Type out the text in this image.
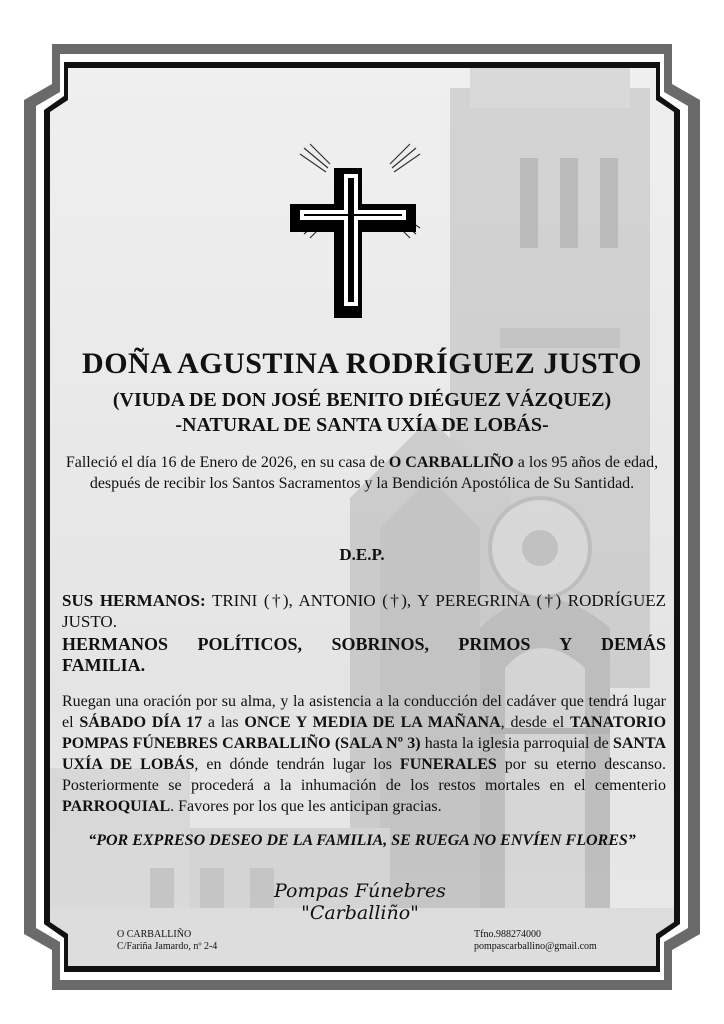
DOÑA AGUSTINA RODRÍGUEZ JUSTO
(VIUDA DE DON JOSÉ BENITO DIÉGUEZ VÁZQUEZ)
-NATURAL DE SANTA UXÍA DE LOBÁS-

Falleció el día 16 de Enero de 2026, en su casa de O CARBALLIÑO a los 95 años de edad, después de recibir los Santos Sacramentos y la Bendición Apostólica de Su Santidad.

D.E.P.

SUS HERMANOS: TRINI (†), ANTONIO (†), Y PEREGRINA (†) RODRÍGUEZ JUSTO.

HERMANOS POLÍTICOS, SOBRINOS, PRIMOS Y DEMÁS

FAMILIA.

Ruegan una oración por su alma, y la asistencia a la conducción del cadáver que tendrá lugar el SÁBADO DÍA 17 a las ONCE Y MEDIA DE LA MAÑANA, desde el TANATORIO POMPAS FÚNEBRES CARBALLIÑO (SALA Nº 3) hasta la iglesia parroquial de SANTA UXÍA DE LOBÁS, en dónde tendrán lugar los FUNERALES por su eterno descanso. Posteriormente se procederá a la inhumación de los restos mortales en el cementerio PARROQUIAL. Favores por los que les anticipan gracias.

“POR EXPRESO DESEO DE LA FAMILIA, SE RUEGA NO ENVÍEN FLORES”

Pompas Fúnebres
"Carballiño"

O CARBALLIÑO

C/Fariña Jamardo, nº 2-4

Tfno.988274000

pompascarballino@gmail.com
